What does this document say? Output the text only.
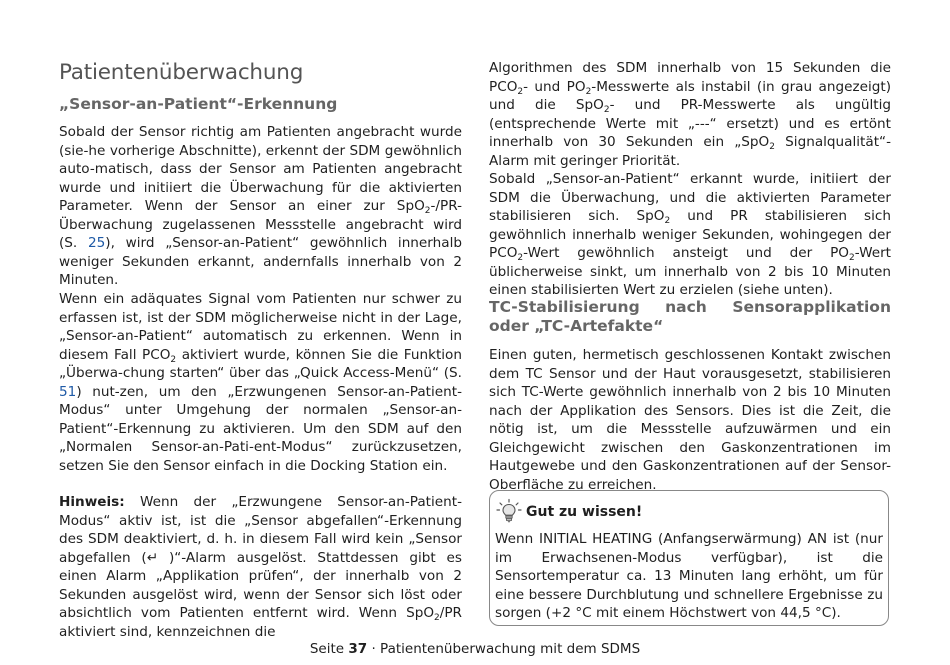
Patientenüberwachung
„Sensor-an-Patient“-Erkennung

Sobald der Sensor richtig am Patienten angebracht wurde (sie-he vorherige Abschnitte), erkennt der SDM gewöhnlich auto-matisch, dass der Sensor am Patienten angebracht wurde und initiiert die Überwachung für die aktivierten Parameter. Wenn der Sensor an einer zur SpO$_2$-/PR-Überwachung zugelassenen Messstelle angebracht wird (S. 25), wird „Sensor-an-Patient“ gewöhnlich innerhalb weniger Sekunden erkannt, andernfalls innerhalb von 2 Minuten.

Wenn ein adäquates Signal vom Patienten nur schwer zu erfassen ist, ist der SDM möglicherweise nicht in der Lage, „Sensor-an-Patient“ automatisch zu erkennen. Wenn in diesem Fall $PCO_2$ aktiviert wurde, können Sie die Funktion „Überwa-chung starten“ über das „Quick Access-Menü“ (S. 51) nut-zen, um den „Erzwungenen Sensor-an-Patient-Modus“ unter Umgehung der normalen „Sensor-an-Patient“-Erkennung zu aktivieren. Um den SDM auf den „Normalen Sensor-an-Pati-ent-Modus“ zurückzusetzen, setzen Sie den Sensor einfach in die Docking Station ein.

Hinweis: Wenn der „Erzwungene Sensor-an-Patient-Modus“ aktiv ist, ist die „Sensor abgefallen“-Erkennung des SDM deaktiviert, d. h. in diesem Fall wird kein „Sensor abgefallen (↵ )“-Alarm ausgelöst. Stattdessen gibt es einen Alarm „Applikation prüfen“, der innerhalb von 2 Sekunden ausgelöst wird, wenn der Sensor sich löst oder absichtlich vom Patienten entfernt wird. Wenn SpO$_2$/PR aktiviert sind, kennzeichnen die

Algorithmen des SDM innerhalb von 15 Sekunden die $PCO_2-$ und $PO_2$-Messwerte als instabil (in grau angezeigt) und die SpO$_2$- und PR-Messwerte als ungültig (entsprechende Werte mit „---“ ersetzt) und es ertönt innerhalb von 30 Sekunden ein „SpO$_2$ Signalqualität“-Alarm mit geringer Priorität.

Sobald „Sensor-an-Patient“ erkannt wurde, initiiert der SDM die Überwachung, und die aktivierten Parameter stabilisieren sich. SpO$_2$ und PR stabilisieren sich gewöhnlich innerhalb weniger Sekunden, wohingegen der $PCO_2$-Wert gewöhnlich ansteigt und der $PO_2$-Wert üblicherweise sinkt, um innerhalb von 2 bis 10 Minuten einen stabilisierten Wert zu erzielen (siehe unten).

TC-Stabilisierung nach Sensorapplikation oder „TC-Artefakte“

Einen guten, hermetisch geschlossenen Kontakt zwischen dem TC Sensor und der Haut vorausgesetzt, stabilisieren sich TC-Werte gewöhnlich innerhalb von 2 bis 10 Minuten nach der Applikation des Sensors. Dies ist die Zeit, die nötig ist, um die Messstelle aufzuwärmen und ein Gleichgewicht zwischen den Gaskonzentrationen im Hautgewebe und den Gaskonzentrationen auf der Sensor-Oberfläche zu erreichen.

Gut zu wissen!

Wenn INITIAL HEATING (Anfangserwärmung) AN ist (nur im Erwachsenen-Modus verfügbar), ist die Sensortemperatur ca. 13 Minuten lang erhöht, um für eine bessere Durchblutung und schnellere Ergebnisse zu sorgen (+2 °C mit einem Höchstwert von 44,5 °C).

Seite 37 · Patientenüberwachung mit dem SDMS
